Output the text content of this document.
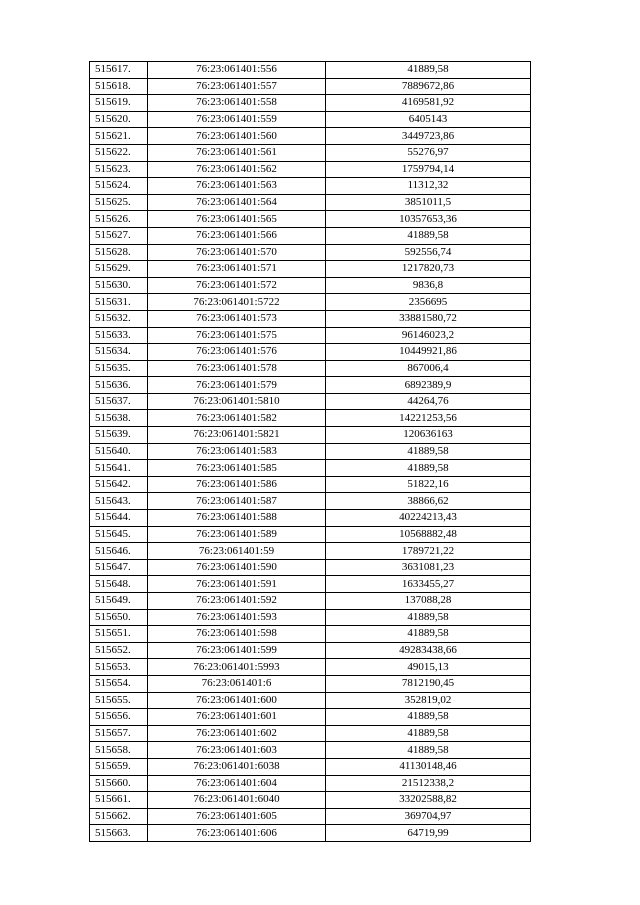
515617.	76:23:061401:556	41889,58
515618.	76:23:061401:557	7889672,86
515619.	76:23:061401:558	4169581,92
515620.	76:23:061401:559	6405143
515621.	76:23:061401:560	3449723,86
515622.	76:23:061401:561	55276,97
515623.	76:23:061401:562	1759794,14
515624.	76:23:061401:563	11312,32
515625.	76:23:061401:564	3851011,5
515626.	76:23:061401:565	10357653,36
515627.	76:23:061401:566	41889,58
515628.	76:23:061401:570	592556,74
515629.	76:23:061401:571	1217820,73
515630.	76:23:061401:572	9836,8
515631.	76:23:061401:5722	2356695
515632.	76:23:061401:573	33881580,72
515633.	76:23:061401:575	96146023,2
515634.	76:23:061401:576	10449921,86
515635.	76:23:061401:578	867006,4
515636.	76:23:061401:579	6892389,9
515637.	76:23:061401:5810	44264,76
515638.	76:23:061401:582	14221253,56
515639.	76:23:061401:5821	120636163
515640.	76:23:061401:583	41889,58
515641.	76:23:061401:585	41889,58
515642.	76:23:061401:586	51822,16
515643.	76:23:061401:587	38866,62
515644.	76:23:061401:588	40224213,43
515645.	76:23:061401:589	10568882,48
515646.	76:23:061401:59	1789721,22
515647.	76:23:061401:590	3631081,23
515648.	76:23:061401:591	1633455,27
515649.	76:23:061401:592	137088,28
515650.	76:23:061401:593	41889,58
515651.	76:23:061401:598	41889,58
515652.	76:23:061401:599	49283438,66
515653.	76:23:061401:5993	49015,13
515654.	76:23:061401:6	7812190,45
515655.	76:23:061401:600	352819,02
515656.	76:23:061401:601	41889,58
515657.	76:23:061401:602	41889,58
515658.	76:23:061401:603	41889,58
515659.	76:23:061401:6038	41130148,46
515660.	76:23:061401:604	21512338,2
515661.	76:23:061401:6040	33202588,82
515662.	76:23:061401:605	369704,97
515663.	76:23:061401:606	64719,99
